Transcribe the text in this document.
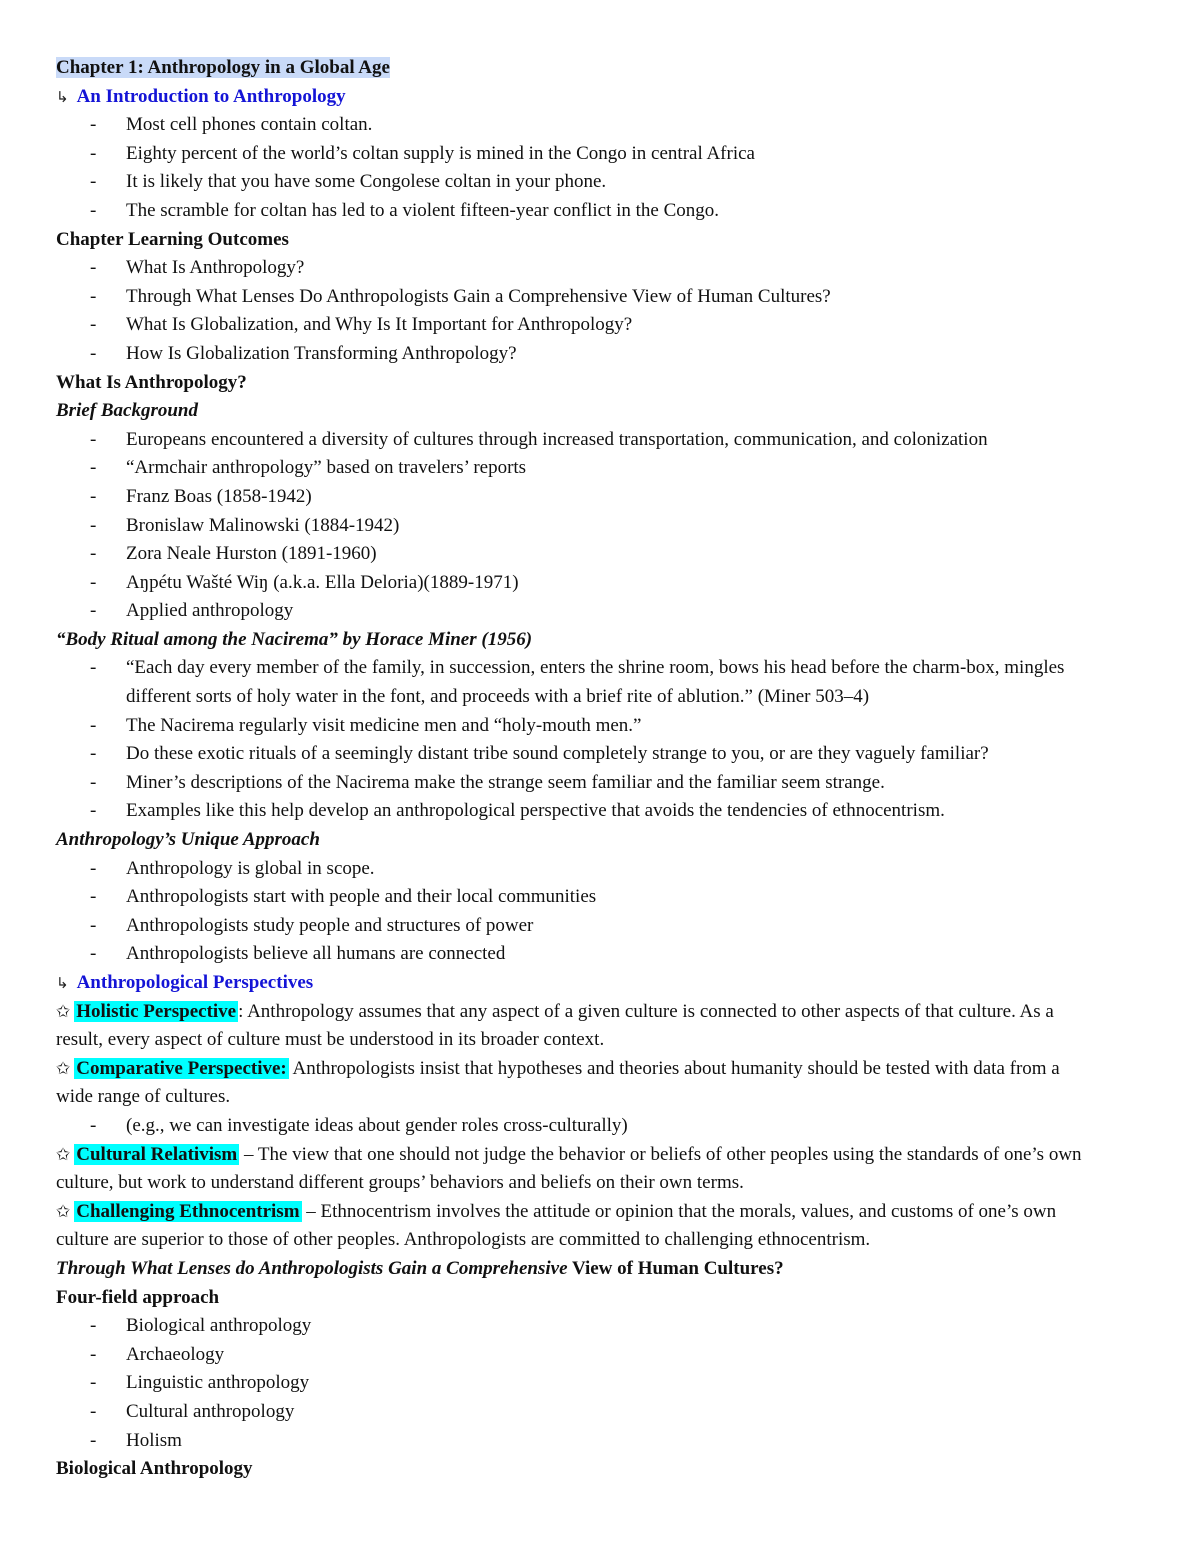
Chapter 1: Anthropology in a Global Age
↳ An Introduction to Anthropology
- Most cell phones contain coltan.
- Eighty percent of the world’s coltan supply is mined in the Congo in central Africa
- It is likely that you have some Congolese coltan in your phone.
- The scramble for coltan has led to a violent fifteen-year conflict in the Congo.
Chapter Learning Outcomes
- What Is Anthropology?
- Through What Lenses Do Anthropologists Gain a Comprehensive View of Human Cultures?
- What Is Globalization, and Why Is It Important for Anthropology?
- How Is Globalization Transforming Anthropology?
What Is Anthropology?
Brief Background
- Europeans encountered a diversity of cultures through increased transportation, communication, and colonization
- “Armchair anthropology” based on travelers’ reports
- Franz Boas (1858-1942)
- Bronislaw Malinowski (1884-1942)
- Zora Neale Hurston (1891-1960)
- Aŋpétu Wašté Wiŋ (a.k.a. Ella Deloria)(1889-1971)
- Applied anthropology
“Body Ritual among the Nacirema” by Horace Miner (1956)
- “Each day every member of the family, in succession, enters the shrine room, bows his head before the charm-box, mingles different sorts of holy water in the font, and proceeds with a brief rite of ablution.” (Miner 503–4)
- The Nacirema regularly visit medicine men and “holy-mouth men.”
- Do these exotic rituals of a seemingly distant tribe sound completely strange to you, or are they vaguely familiar?
- Miner’s descriptions of the Nacirema make the strange seem familiar and the familiar seem strange.
- Examples like this help develop an anthropological perspective that avoids the tendencies of ethnocentrism.
Anthropology’s Unique Approach
- Anthropology is global in scope.
- Anthropologists start with people and their local communities
- Anthropologists study people and structures of power
- Anthropologists believe all humans are connected
↳ Anthropological Perspectives
✩ Holistic Perspective : Anthropology assumes that any aspect of a given culture is connected to other aspects of that culture. As a result, every aspect of culture must be understood in its broader context.
✩ Comparative Perspective: Anthropologists insist that hypotheses and theories about humanity should be tested with data from a wide range of cultures.
- (e.g., we can investigate ideas about gender roles cross-culturally)
✩ Cultural Relativism – The view that one should not judge the behavior or beliefs of other peoples using the standards of one’s own culture, but work to understand different groups’ behaviors and beliefs on their own terms.
✩ Challenging Ethnocentrism – Ethnocentrism involves the attitude or opinion that the morals, values, and customs of one’s own culture are superior to those of other peoples. Anthropologists are committed to challenging ethnocentrism.
Through What Lenses do Anthropologists Gain a Comprehensive View of Human Cultures?
Four-field approach
- Biological anthropology
- Archaeology
- Linguistic anthropology
- Cultural anthropology
- Holism
Biological Anthropology
